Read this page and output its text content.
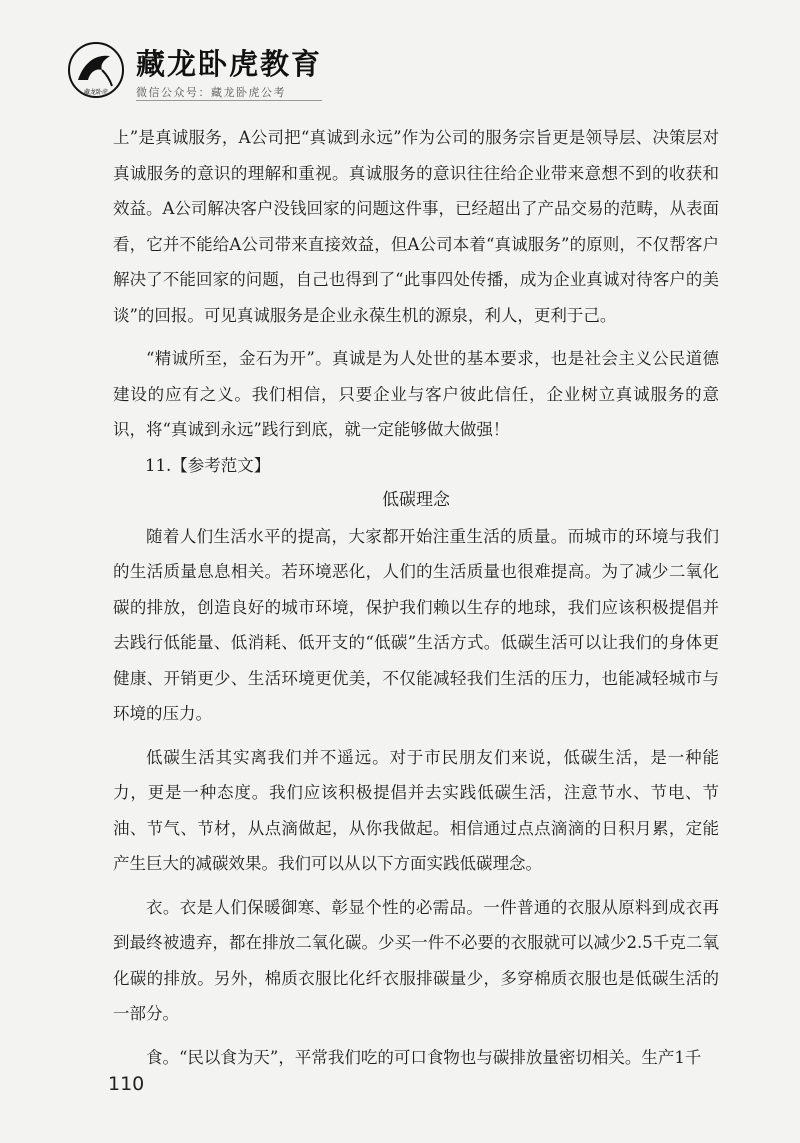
藏龙卧虎
藏龙卧虎教育
微信公众号：藏龙卧虎公考

上”是真诚服务，A公司把“真诚到永远”作为公司的服务宗旨更是领导层、决策层对真诚服务的意识的理解和重视。真诚服务的意识往往给企业带来意想不到的收获和效益。A公司解决客户没钱回家的问题这件事，已经超出了产品交易的范畴，从表面看，它并不能给A公司带来直接效益，但A公司本着“真诚服务”的原则，不仅帮客户解决了不能回家的问题，自己也得到了“此事四处传播，成为企业真诚对待客户的美谈”的回报。可见真诚服务是企业永葆生机的源泉，利人，更利于己。

“精诚所至，金石为开”。真诚是为人处世的基本要求，也是社会主义公民道德建设的应有之义。我们相信，只要企业与客户彼此信任，企业树立真诚服务的意识，将“真诚到永远”践行到底，就一定能够做大做强！

11.【参考范文】

低碳理念

随着人们生活水平的提高，大家都开始注重生活的质量。而城市的环境与我们的生活质量息息相关。若环境恶化，人们的生活质量也很难提高。为了减少二氧化碳的排放，创造良好的城市环境，保护我们赖以生存的地球，我们应该积极提倡并去践行低能量、低消耗、低开支的“低碳”生活方式。低碳生活可以让我们的身体更健康、开销更少、生活环境更优美，不仅能减轻我们生活的压力，也能减轻城市与环境的压力。

低碳生活其实离我们并不遥远。对于市民朋友们来说，低碳生活，是一种能力，更是一种态度。我们应该积极提倡并去实践低碳生活，注意节水、节电、节油、节气、节材，从点滴做起，从你我做起。相信通过点点滴滴的日积月累，定能产生巨大的减碳效果。我们可以从以下方面实践低碳理念。

衣。衣是人们保暖御寒、彰显个性的必需品。一件普通的衣服从原料到成衣再到最终被遗弃，都在排放二氧化碳。少买一件不必要的衣服就可以减少2.5千克二氧化碳的排放。另外，棉质衣服比化纤衣服排碳量少，多穿棉质衣服也是低碳生活的一部分。

食。“民以食为天”，平常我们吃的可口食物也与碳排放量密切相关。生产1千

110
